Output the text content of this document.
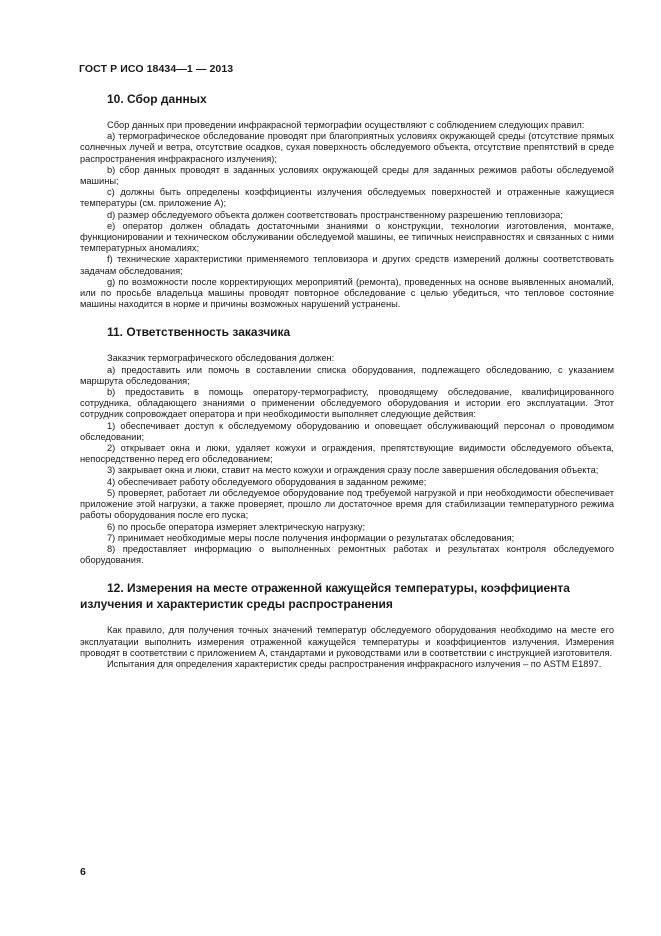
ГОСТ Р ИСО 18434—1 — 2013
10. Сбор данных

Сбор данных при проведении инфракрасной термографии осуществляют с соблюдением следующих правил:

a) термографическое обследование проводят при благоприятных условиях окружающей среды (отсутствие прямых солнечных лучей и ветра, отсутствие осадков, сухая поверхность обследуемого объекта, отсутствие препятствий в среде распространения инфракрасного излучения);

b) сбор данных проводят в заданных условиях окружающей среды для заданных режимов работы обследуемой машины;

c) должны быть определены коэффициенты излучения обследуемых поверхностей и отраженные кажущиеся температуры (см. приложение А);

d) размер обследуемого объекта должен соответствовать пространственному разрешению тепловизора;

e) оператор должен обладать достаточными знаниями о конструкции, технологии изготовления, монтаже, функционировании и техническом обслуживании обследуемой машины, ее типичных неисправностях и связанных с ними температурных аномалиях;

f) технические характеристики применяемого тепловизора и других средств измерений должны соответствовать задачам обследования;

g) по возможности после корректирующих мероприятий (ремонта), проведенных на основе выявленных аномалий, или по просьбе владельца машины проводят повторное обследование с целью убедиться, что тепловое состояние машины находится в норме и причины возможных нарушений устранены.

11. Ответственность заказчика

Заказчик термографического обследования должен:

a) предоставить или помочь в составлении списка оборудования, подлежащего обследованию, с указанием маршрута обследования;

b) предоставить в помощь оператору-термографисту, проводящему обследование, квалифицированного сотрудника, обладающего знаниями о применении обследуемого оборудования и истории его эксплуатации. Этот сотрудник сопровождает оператора и при необходимости выполняет следующие действия:

1) обеспечивает доступ к обследуемому оборудованию и оповещает обслуживающий персонал о проводимом обследовании;

2) открывает окна и люки, удаляет кожухи и ограждения, препятствующие видимости обследуемого объекта, непосредственно перед его обследованием;

3) закрывает окна и люки, ставит на место кожухи и ограждения сразу после завершения обследования объекта;

4) обеспечивает работу обследуемого оборудования в заданном режиме;

5) проверяет, работает ли обследуемое оборудование под требуемой нагрузкой и при необходимости обеспечивает приложение этой нагрузки, а также проверяет, прошло ли достаточное время для стабилизации температурного режима работы оборудования после его пуска;

6) по просьбе оператора измеряет электрическую нагрузку;

7) принимает необходимые меры после получения информации о результатах обследования;

8) предоставляет информацию о выполненных ремонтных работах и результатах контроля обследуемого оборудования.

12. Измерения на месте отраженной кажущейся температуры, коэффициента излучения и характеристик среды распространения

Как правило, для получения точных значений температур обследуемого оборудования необходимо на месте его эксплуатации выполнить измерения отраженной кажущейся температуры и коэффициентов излучения. Измерения проводят в соответствии с приложением А, стандартами и руководствами или в соответствии с инструкцией изготовителя.

Испытания для определения характеристик среды распространения инфракрасного излучения – по ASTM E1897.

6
